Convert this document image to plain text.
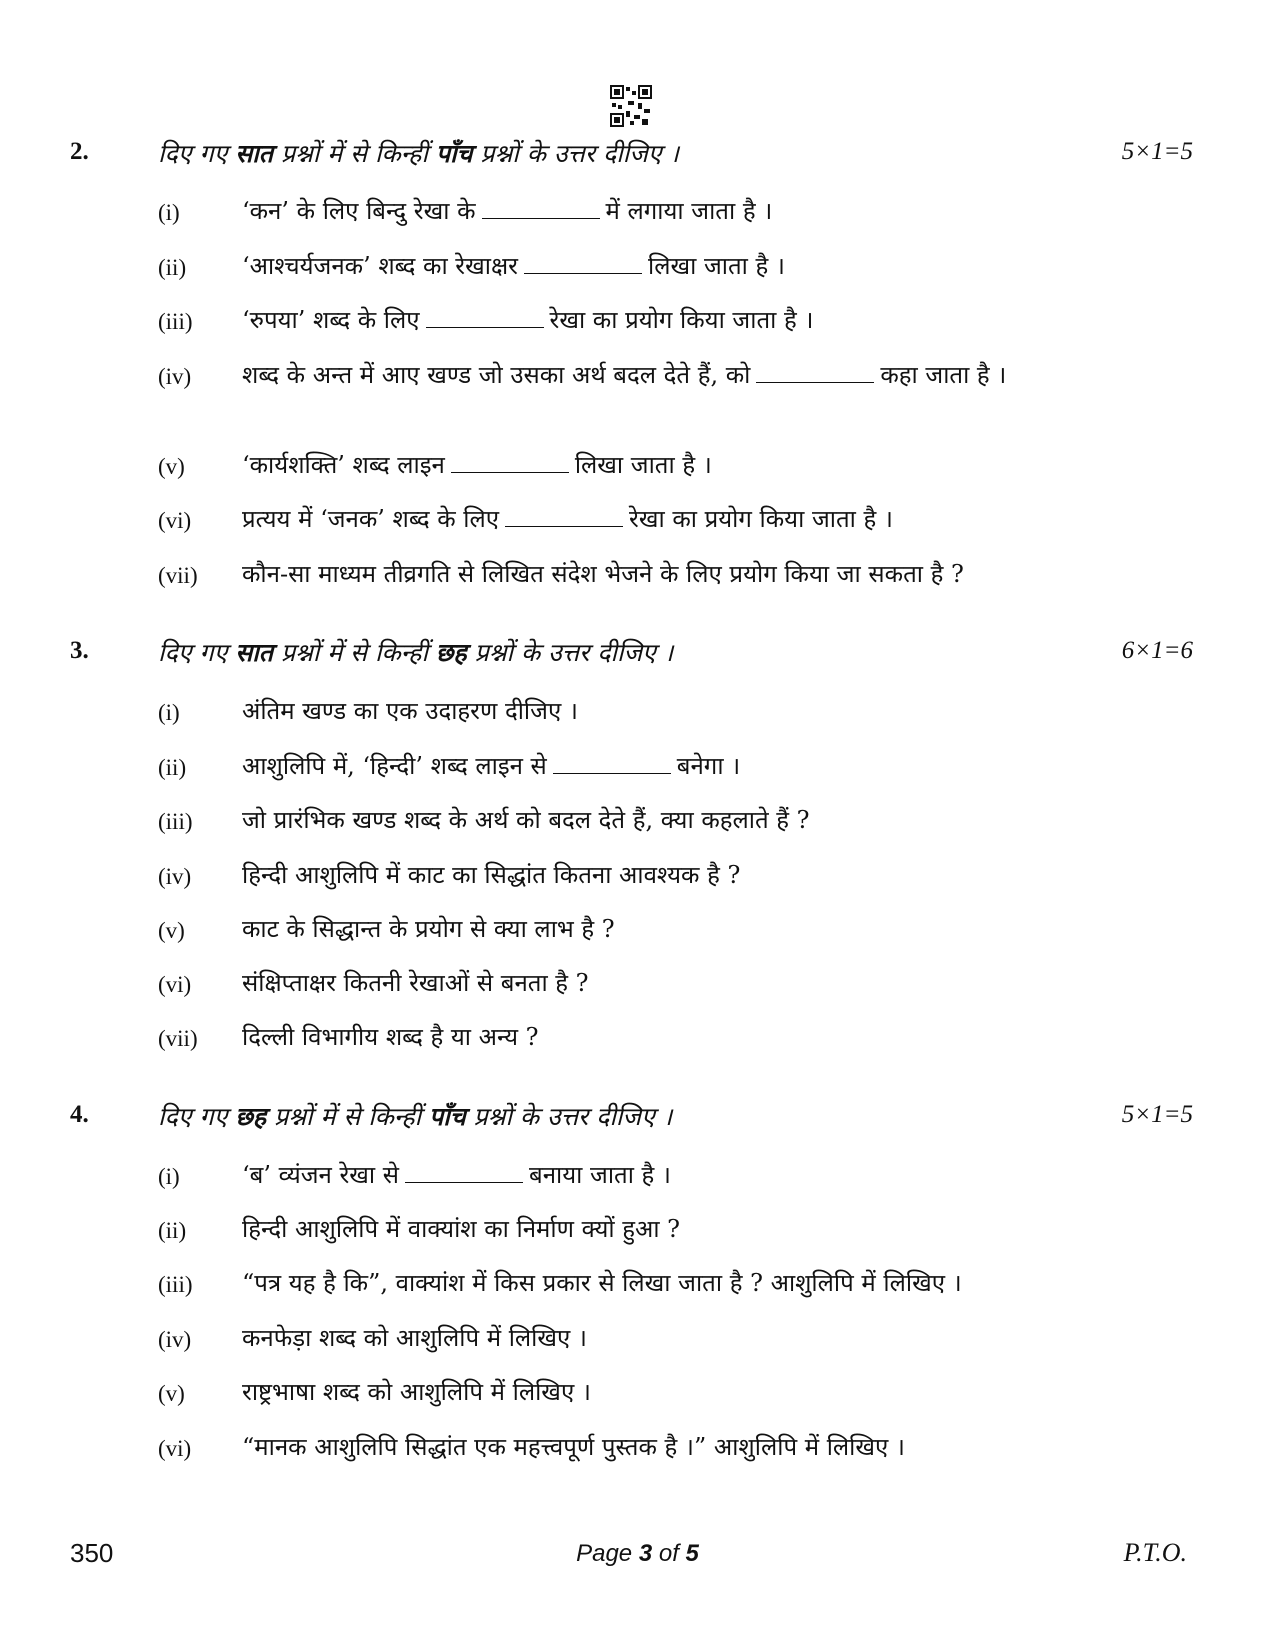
2.	दिए गए सात प्रश्नों में से किन्हीं पाँच प्रश्नों के उत्तर दीजिए ।	5×1=5
(i)	‘कन’ के लिए बिन्दु रेखा के	में लगाया जाता है ।
(ii) ‘आश्चर्यजनक’ शब्द का रेखाक्षर	लिखा जाता है ।
(iii) ‘रुपया’ शब्द के लिए	रेखा का प्रयोग किया जाता है ।
(iv) शब्द के अन्त में आए खण्ड जो उसका अर्थ बदल देते हैं, को	कहा जाता है ।
(v) ‘कार्यशक्ति’ शब्द लाइन	लिखा जाता है ।
(vi) प्रत्यय में ‘जनक’ शब्द के लिए	रेखा का प्रयोग किया जाता है ।
(vii) कौन-सा माध्यम तीव्रगति से लिखित संदेश भेजने के लिए प्रयोग किया जा सकता है ?
3.	दिए गए सात प्रश्नों में से किन्हीं छह प्रश्नों के उत्तर दीजिए ।	6×1=6
(i)	अंतिम खण्ड का एक उदाहरण दीजिए ।
(ii) आशुलिपि में, ‘हिन्दी’ शब्द लाइन से	बनेगा ।
(iii) जो प्रारंभिक खण्ड शब्द के अर्थ को बदल देते हैं, क्या कहलाते हैं ?
(iv) हिन्दी आशुलिपि में काट का सिद्धांत कितना आवश्यक है ?
(v) काट के सिद्धान्त के प्रयोग से क्या लाभ है ?
(vi) संक्षिप्ताक्षर कितनी रेखाओं से बनता है ?
(vii) दिल्ली विभागीय शब्द है या अन्य ?
4.	दिए गए छह प्रश्नों में से किन्हीं पाँच प्रश्नों के उत्तर दीजिए ।	5×1=5
(i)	‘ब’ व्यंजन रेखा से	बनाया जाता है ।
(ii) हिन्दी आशुलिपि में वाक्यांश का निर्माण क्यों हुआ ?
(iii) “पत्र यह है कि”, वाक्यांश में किस प्रकार से लिखा जाता है ? आशुलिपि में लिखिए ।
(iv) कनफेड़ा शब्द को आशुलिपि में लिखिए ।
(v) राष्ट्रभाषा शब्द को आशुलिपि में लिखिए ।
(vi) “मानक आशुलिपि सिद्धांत एक महत्त्वपूर्ण पुस्तक है ।” आशुलिपि में लिखिए ।
350	Page 3 of 5	P.T.O.
